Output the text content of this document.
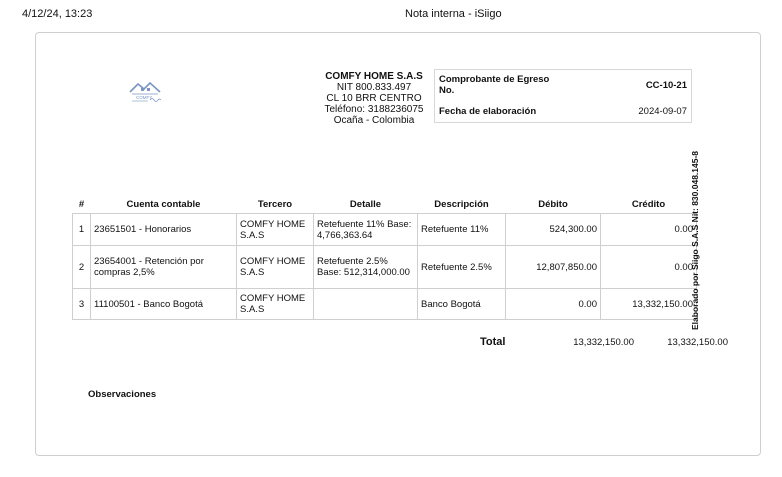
4/12/24, 13:23	Nota interna - iSiigo
COMFY
COMFY HOME S.A.S
NIT 800.833.497
CL 10 BRR CENTRO
Teléfono: 3188236075
Ocaña - Colombia
Comprobante de Egreso No.	CC-10-21
Fecha de elaboración	2024-09-07
#	Cuenta contable	Tercero	Detalle	Descripción	Débito	Crédito
1	23651501 - Honorarios	COMFY HOME S.A.S	Retefuente 11% Base: 4,766,363.64	Retefuente 11%	524,300.00	0.00
2	23654001 - Retención por compras 2,5%	COMFY HOME S.A.S	Retefuente 2.5% Base: 512,314,000.00	Retefuente 2.5%	12,807,850.00	0.00
3	11100501 - Banco Bogotá	COMFY HOME S.A.S		Banco Bogotá	0.00	13,332,150.00
Total	13,332,150.00	13,332,150.00
Observaciones
Elaborado por Siigo S.A.S Nit: 830.048.145-8
